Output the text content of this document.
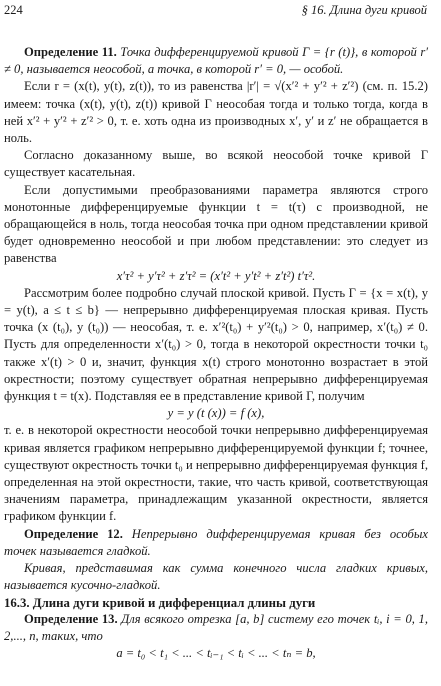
224	§ 16. Длина дуги кривой

Определение 11. Точка дифференцируемой кривой Γ = {r (t)}, в которой r′ ≠ 0, называется неособой, а точка, в которой r′ = 0, — особой.

Если r = (x(t), y(t), z(t)), то из равенства |r′| = √(x′² + y′² + z′²) (см. п. 15.2) имеем: точка (x(t), y(t), z(t)) кривой Γ неособая тогда и только тогда, когда в ней x′² + y′² + z′² > 0, т. е. хоть одна из производных x′, y′ и z′ не обращается в ноль.

Согласно доказанному выше, во всякой неособой точке кривой Γ существует касательная.

Если допустимыми преобразованиями параметра являются строго монотонные дифференцируемые функции t = t(τ) с производной, не обращающейся в ноль, тогда неособая точка при одном представлении кривой будет одновременно неособой и при любом представлении: это следует из равенства

x′τ² + y′τ² + z′τ² = (x′t² + y′t² + z′t²) t′τ².

Рассмотрим более подробно случай плоской кривой. Пусть Γ = {x = x(t), y = y(t), a ≤ t ≤ b} — непрерывно дифференцируемая плоская кривая. Пусть точка (x (t₀), y (t₀)) — неособая, т. е. x′²(t₀) + y′²(t₀) > 0, например, x′(t₀) ≠ 0. Пусть для определенности x′(t₀) > 0, тогда в некоторой окрестности точки t₀ также x′(t) > 0 и, значит, функция x(t) строго монотонно возрастает в этой окрестности; поэтому существует обратная непрерывно дифференцируемая функция t = t(x). Подставляя ее в представление кривой Γ, получим

y = y (t (x)) = f (x),

т. е. в некоторой окрестности неособой точки непрерывно дифференцируемая кривая является графиком непрерывно дифференцируемой функции f; точнее, существуют окрестность точки t₀ и непрерывно дифференцируемая функция f, определенная на этой окрестности, такие, что часть кривой, соответствующая значениям параметра, принадлежащим указанной окрестности, является графиком функции f.

Определение 12. Непрерывно дифференцируемая кривая без особых точек называется гладкой.

Кривая, представимая как сумма конечного числа гладких кривых, называется кусочно-гладкой.

16.3. Длина дуги кривой и дифференциал длины дуги

Определение 13. Для всякого отрезка [a, b] систему его точек tᵢ, i = 0, 1, 2,..., n, таких, что

a = t₀ < t₁ < ... < tᵢ₋₁ < tᵢ < ... < tₙ = b,
